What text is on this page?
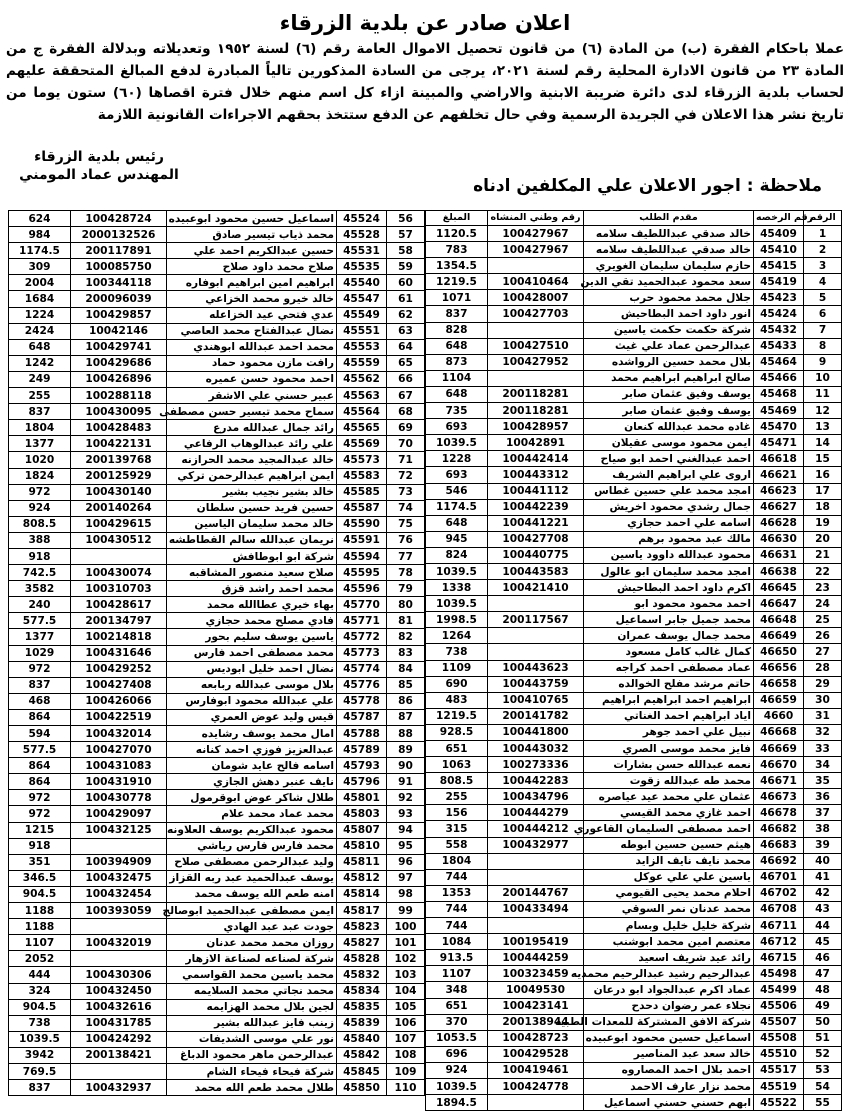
اعلان صادر عن بلدية الزرقاء
عملا باحكام الفقرة (ب) من المادة (٦) من قانون تحصيل الاموال العامة رقم (٦) لسنة ١٩٥٢ وتعديلاته وبدلالة الفقرة ج من المادة ٢٣ من قانون الادارة المحلية رقم لسنة ٢٠٢١، يرجى من السادة المذكورين تالياً المبادرة لدفع المبالغ المتحققة عليهم لحساب بلدية الزرقاء لدى دائرة ضريبة الابنية والاراضي والمبينة ازاء كل اسم منهم خلال فترة اقصاها (٦٠) ستون يوما من تاريخ نشر هذا الاعلان في الجريدة الرسمية وفي حال تخلفهم عن الدفع ستتخذ بحقهم الاجراءات القانونية اللازمة
رئيس بلدية الزرقاء
المهندس عماد المومني
ملاحظة : اجور الاعلان علي المكلفين ادناه
المبلغ	رقم وطني المنشاه	مقدم الطلب	رقم الرخصه	الرقم
1120.5	100427967	خالد صدقي عبداللطيف سلامه	45409	1
783	100427967	خالد صدقي عبداللطيف سلامه	45410	2
1354.5		حازم سليمان سليمان الغويري	45415	3
1219.5	100410464	سعد محمود عبدالحميد تقي الدين	45419	4
1071	100428007	جلال محمد محمود حرب	45423	5
837	100427703	انور داود احمد البطاحيش	45424	6
828		شركة حكمت حكمت ياسين	45432	7
648	100427510	عبدالرحمن عماد علي غيث	45433	8
873	100427952	بلال محمد حسين الرواشده	45464	9
1104		صالح ابراهيم ابراهيم محمد	45466	10
648	200118281	يوسف وفيق عثمان صابر	45468	11
735	200118281	يوسف وفيق عثمان صابر	45469	12
693	100428957	غاده محمد عبدالله كنعان	45470	13
1039.5	10042891	ايمن محمود موسى عقيلان	45471	14
1228	100442414	احمد عبدالغني احمد ابو صياح	46618	15
693	100443312	اروى علي ابراهيم الشريف	46621	16
546	100441112	امجد محمد علي حسين غطاس	46623	17
1174.5	100442239	جمال رشدي محمود اخريش	46627	18
648	100441221	اسامه علي احمد حجازي	46628	19
945	100427708	مالك عبد محمود برهم	46630	20
824	100440775	محمود عبدالله داوود ياسين	46631	21
1039.5	100443583	امجد محمد سليمان ابو عالول	46638	22
1338	100421410	اكرم داود احمد البطاحيش	46645	23
1039.5		احمد محمود محمود ابو	46647	24
1998.5	200117567	محمد جميل جابر اسماعيل	46648	25
1264		محمد جمال يوسف عمران	46649	26
738		كمال غالب كامل مسعود	46650	27
1109	100443623	عماد مصطفى احمد كراجه	46656	28
690	100443759	حاتم مرشد مفلح الخوالده	46658	29
483	100410765	ابراهيم احمد ابراهيم ابراهيم	46659	30
1219.5	200141782	اياد ابراهيم احمد الغناتي	4660	31
928.5	100441800	نبيل علي احمد جوهر	46668	32
651	100443032	فايز محمد موسى الصري	46669	33
1063	100273336	نعمه عبدالله حسن بشارات	46670	34
808.5	100442283	محمد طه عبدالله زقوت	46671	35
255	100434796	عثمان علي محمد عيد عياصره	46673	36
156	100444279	احمد غازي محمد القيسي	46678	37
315	100444212	احمد مصطفى السليمان القاعوري	46682	38
558	100432977	هيثم حسين حسين ابوطه	46683	39
1804		محمد نايف نايف الزايد	46692	40
744		ياسين علي علي عوكل	46701	41
1353	200144767	احلام محمد يحيى القيومي	46702	42
744	100433494	محمد عدنان نمر السوقي	46708	43
744		شركة خليل خليل وبسام	46711	44
1084	100195419	معتصم امين محمد ابوشنب	46712	45
913.5	100444259	رائد عيد شريف اسعيد	46715	46
1107	100323459	عبدالرحيم رشيد عبدالرحيم محمديه	45498	47
348	10049530	عماد اكرم عبدالجواد ابو درعان	45499	48
651	100423141	نجلاء عمر رضوان دحدح	45506	49
370	200138944	شركة الافق المشتركة للمعدات الطبيه	45507	50
1053.5	100428723	اسماعيل حسين محمود ابوعبيده	45508	51
696	100429528	خالد سعد عبد المناصير	45510	52
924	100419461	احمد بلال احمد المصاروه	45517	53
1039.5	100424778	محمد نزار عارف الاحمد	45519	54
1894.5		ابهم حسني حسني اسماعيل	45522	55
624	100428724	اسماعيل حسين محمود ابوعبيده	45524	56
984	2000132526	محمد ذياب تيسير صادق	45528	57
1174.5	200117891	حسين عبدالكريم احمد علي	45531	58
309	100085750	صلاح محمد داود صلاح	45535	59
2004	100344118	ابراهيم امين ابراهيم ابوفاره	45540	60
1684	200096039	خالد خيرو محمد الخزاعي	45547	61
1224	100429857	عدي فتحي عيد الخزاعله	45549	62
2424	10042146	نضال عبدالفتاح محمد العاصي	45551	63
648	100429741	محمد احمد عبدالله ابوهندي	45553	64
1242	100429686	رافت مازن محمود حماد	45559	65
249	100426896	احمد محمود حسن عميره	45562	66
255	100288118	عبير حسني علي الاشقر	45563	67
837	100430095	سماح محمد تيسير حسن مصطفى	45564	68
1804	100428483	رائد جمال عبدالله مدرع	45565	69
1377	100422131	علي رائد عبدالوهاب الرفاعي	45569	70
1020	200139768	خالد عبدالمجيد محمد الحرازنه	45573	71
1824	200125929	ايمن ابراهيم عبدالرحمن تركي	45583	72
972	100430140	خالد بشير نجيب بشير	45585	73
924	200140264	حسين فريد حسين سلطان	45587	74
808.5	100429615	خالد محمد سليمان الياسين	45590	75
388	100430512	نريمان عبدالله سالم القطاطشه	45591	76
918		شركة ابو ابوطافش	45594	77
742.5	100430074	صلاح سعيد منصور المشاقبه	45595	78
3582	100310703	محمد احمد راشد قزق	45596	79
240	100428617	بهاء خيري عطاالله محمد	45770	80
577.5	200134797	فادي مصلح محمد حجازي	45771	81
1377	100214818	ياسين يوسف سليم بحور	45772	82
1029	100431646	محمد مصطفى احمد فارس	45773	83
972	100429252	نضال احمد خليل ابوديس	45774	84
837	100427408	بلال موسى عبدالله ربابعه	45776	85
468	100426066	علي عبدالله محمود ابوفارس	45778	86
864	100422519	قيس وليد عوض العمري	45787	87
594	100432014	امال محمد يوسف رشايده	45788	88
577.5	100427070	عبدالعزيز فوزي احمد كنانه	45789	89
864	100431083	اسامه فالح عايد شومان	45793	90
864	100431910	نايف عنبر دهش الجازي	45796	91
972	100430778	طلال شاكر عوض ابوقرمول	45801	92
972	100429097	محمد عماد محمد علام	45803	93
1215	100432125	محمود عبدالكريم يوسف العلاونه	45807	94
918		محمد فارس فارس رياشي	45810	95
351	100394909	وليد عبدالرحمن مصطفى صلاح	45811	96
346.5	100432475	يوسف عبدالحميد عبد ربه القزاز	45812	97
904.5	100432454	امنه طعم الله يوسف محمد	45814	98
1188	100393059	ايمن مصطفى عبدالحميد ابوصالح	45817	99
1188		جودت عبد عبد الهادي	45823	100
1107	100432019	روزان محمد محمد عدنان	45827	101
2052		شركة لصناعه لصناعة الازهار	45828	102
444	100430306	محمد ياسين محمد القواسمي	45832	103
324	100432450	محمد نجاتي محمد السلايمه	45834	104
904.5	100432616	لجين بلال محمد الهزايمه	45835	105
738	100431785	زينب فايز عبدالله بشير	45839	106
1039.5	100424292	نور علي موسى الشديفات	45840	107
3942	200138421	عبدالرحمن ماهر محمود الدباغ	45842	108
769.5		شركة فيحاء فيحاء الشام	45845	109
837	100432937	طلال محمد طعم الله محمد	45850	110
